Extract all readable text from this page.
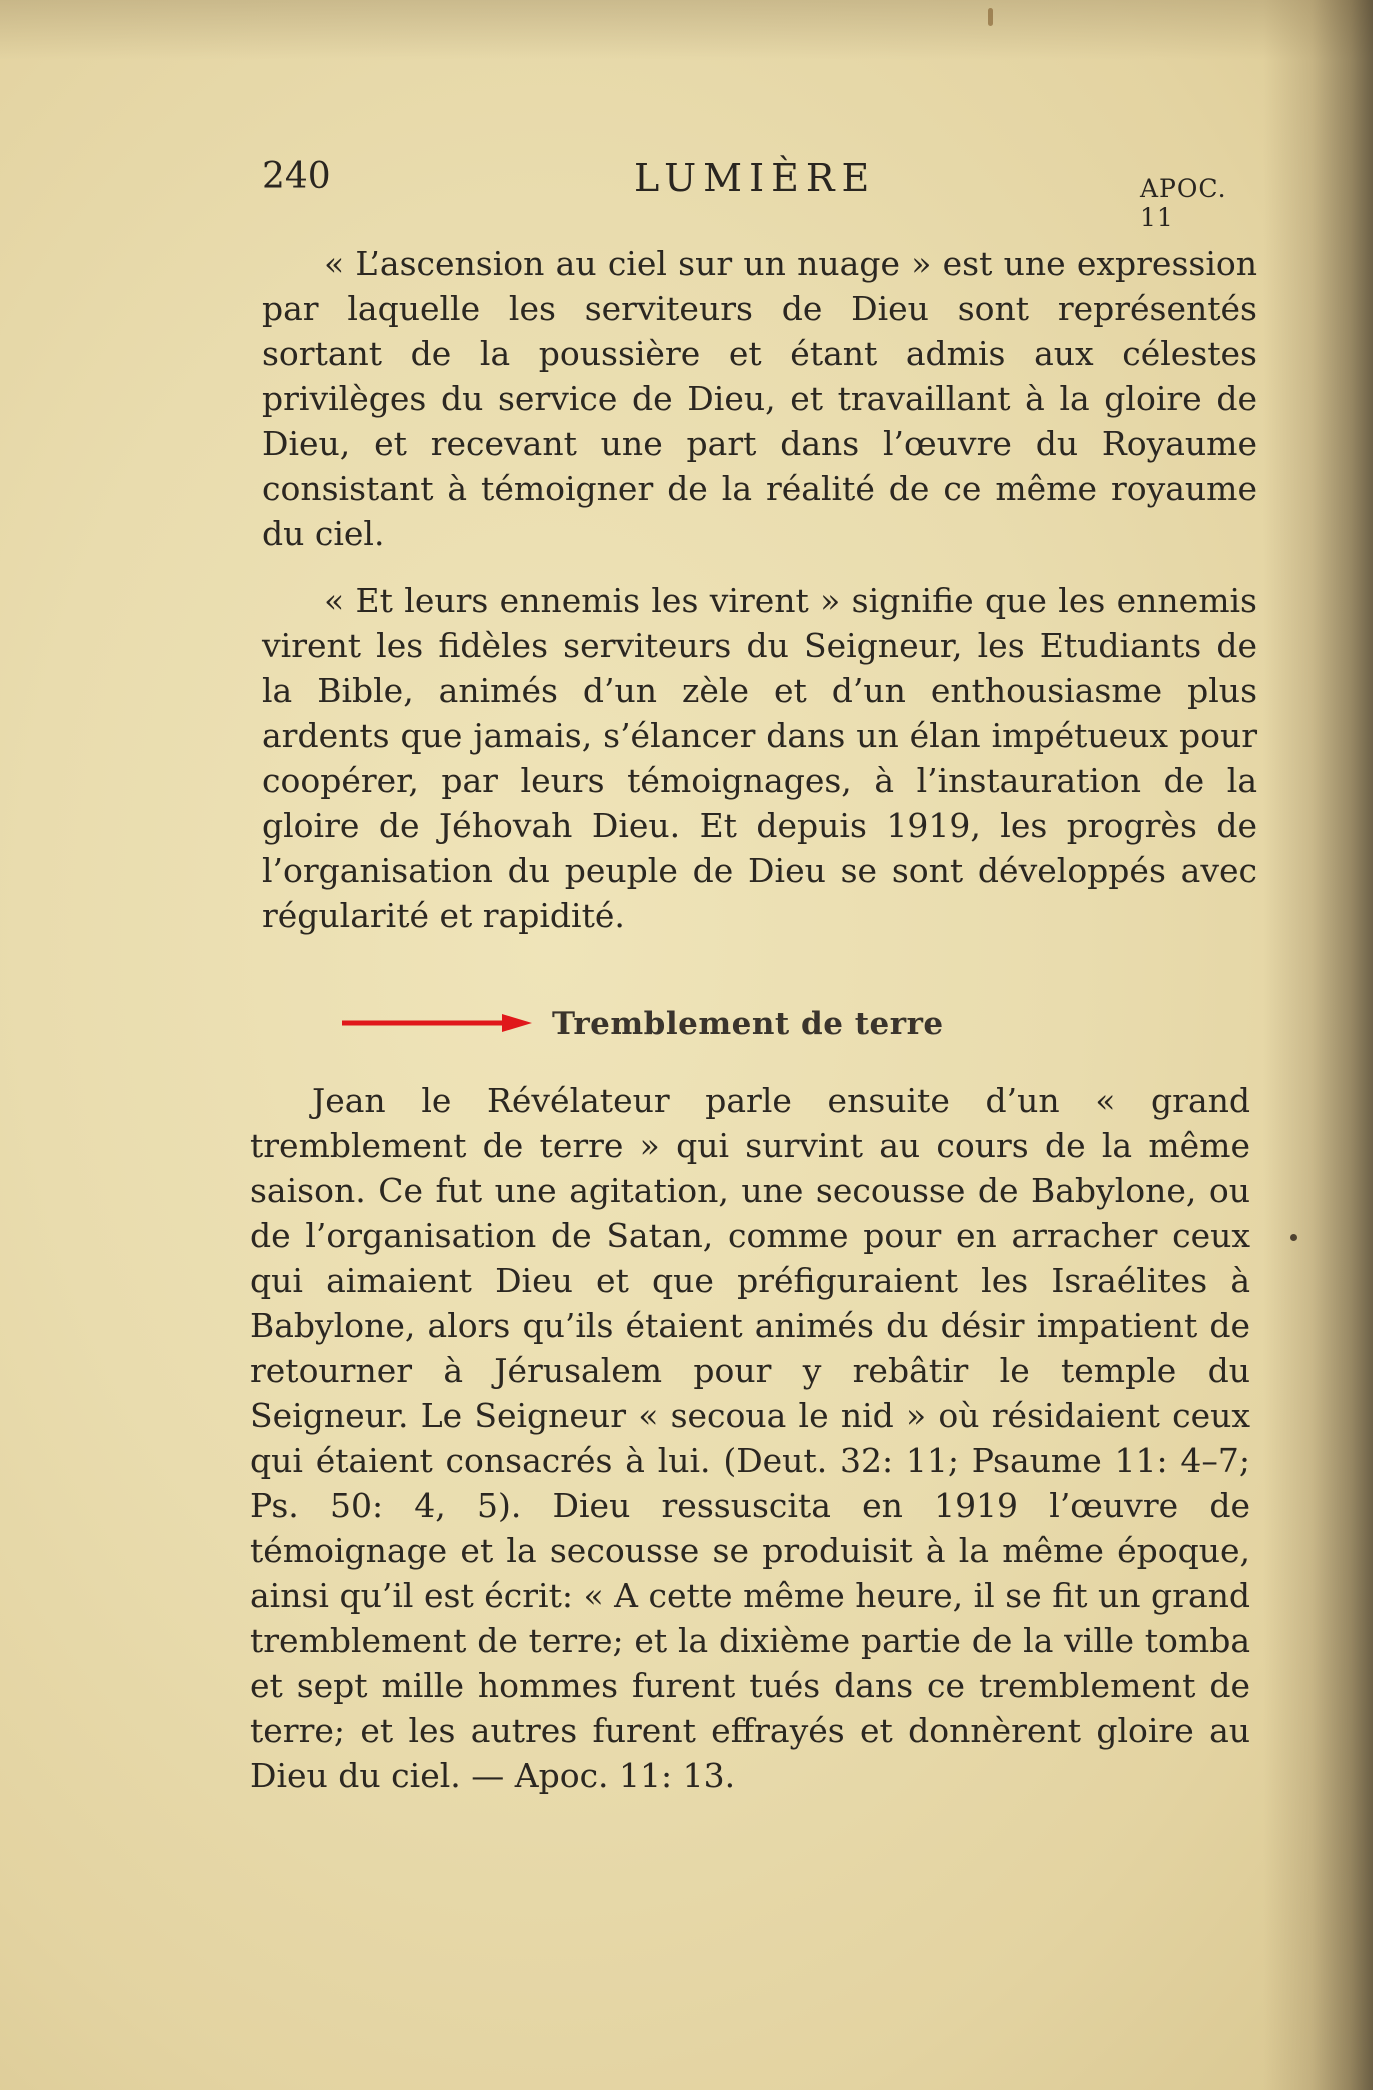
240	LUMIÈRE	APOC. 11

« L’ascension au ciel sur un nuage » est une expression par laquelle les serviteurs de Dieu sont représentés sortant de la poussière et étant admis aux célestes privilèges du service de Dieu, et travaillant à la gloire de Dieu, et recevant une part dans l’œuvre du Royaume consistant à témoigner de la réalité de ce même royaume du ciel.

« Et leurs ennemis les virent » signifie que les ennemis virent les fidèles serviteurs du Seigneur, les Etudiants de la Bible, animés d’un zèle et d’un enthousiasme plus ardents que jamais, s’élancer dans un élan impétueux pour coopérer, par leurs témoignages, à l’instauration de la gloire de Jéhovah Dieu. Et depuis 1919, les progrès de l’organisation du peuple de Dieu se sont développés avec régularité et rapidité.

Tremblement de terre

Jean le Révélateur parle ensuite d’un « grand tremblement de terre » qui survint au cours de la même saison. Ce fut une agitation, une secousse de Babylone, ou de l’organisation de Satan, comme pour en arracher ceux qui aimaient Dieu et que préfiguraient les Israélites à Babylone, alors qu’ils étaient animés du désir impatient de retourner à Jérusalem pour y rebâtir le temple du Seigneur. Le Seigneur « secoua le nid » où résidaient ceux qui étaient consacrés à lui. (Deut. 32: 11; Psaume 11: 4–7; Ps. 50: 4, 5). Dieu ressuscita en 1919 l’œuvre de témoignage et la secousse se produisit à la même époque, ainsi qu’il est écrit: « A cette même heure, il se fit un grand tremblement de terre; et la dixième partie de la ville tomba et sept mille hommes furent tués dans ce tremblement de terre; et les autres furent effrayés et donnèrent gloire au Dieu du ciel. — Apoc. 11: 13.
